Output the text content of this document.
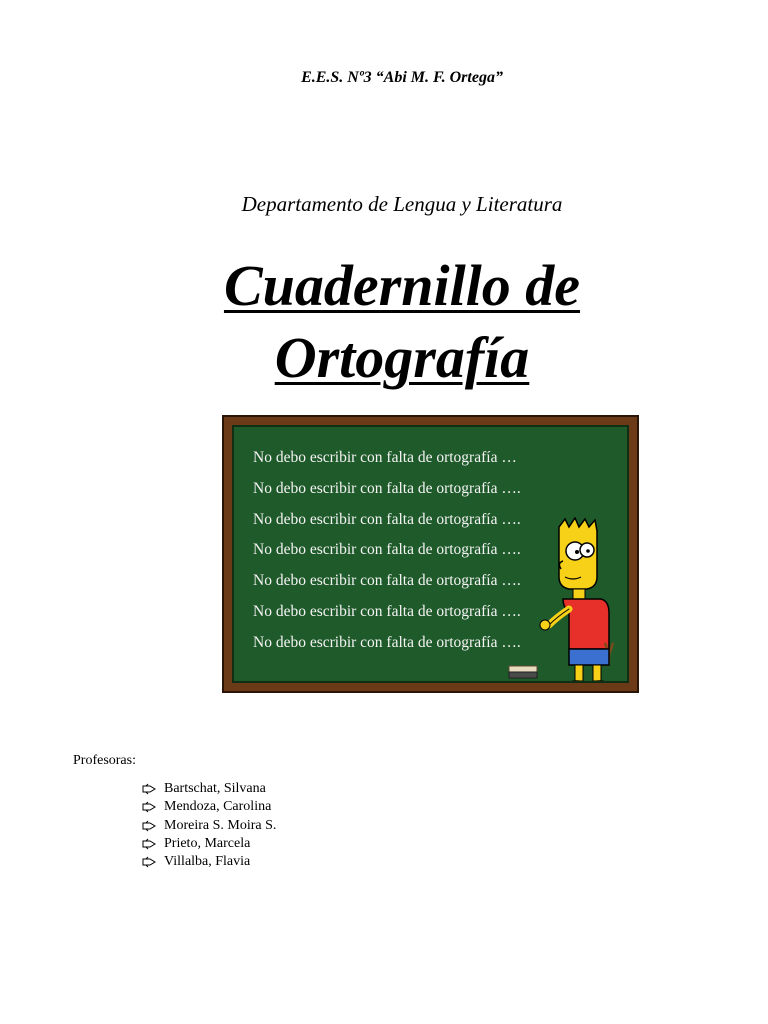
E.E.S. Nº3 “Abi M. F. Ortega”
Departamento de Lengua y Literatura
Cuadernillo de
Ortografía
No debo escribir con falta de ortografía …
No debo escribir con falta de ortografía ….
No debo escribir con falta de ortografía ….
No debo escribir con falta de ortografía ….
No debo escribir con falta de ortografía ….
No debo escribir con falta de ortografía ….
No debo escribir con falta de ortografía ….
Profesoras:
Bartschat, Silvana
Mendoza, Carolina
Moreira S. Moira S.
Prieto, Marcela
Villalba, Flavia
